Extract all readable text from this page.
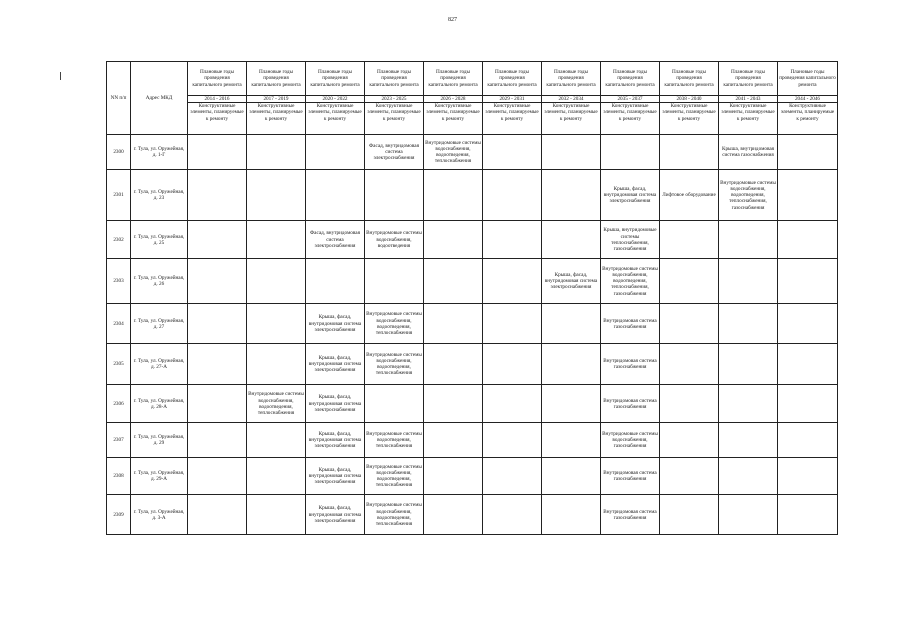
827
NN п/п	Адрес МКД	Плановые годы проведения капитального ремонта	Плановые годы проведения капитального ремонта	Плановые годы проведения капитального ремонта	Плановые годы проведения капитального ремонта	Плановые годы проведения капитального ремонта	Плановые годы проведения капитального ремонта	Плановые годы проведения капитального ремонта	Плановые годы проведения капитального ремонта	Плановые годы проведения капитального ремонта	Плановые годы проведения капитального ремонта	Плановые годы проведения капитального ремонта
		2014 - 2016	2017 - 2019	2020 - 2022	2023 - 2025	2026 - 2028	2029 - 2031	2032 - 2034	2035 - 2037	2038 - 2040	2041 - 2043	2044 - 2046
		Конструктивные элементы, планируемые к ремонту	Конструктивные элементы, планируемые к ремонту	Конструктивные элементы, планируемые к ремонту	Конструктивные элементы, планируемые к ремонту	Конструктивные элементы, планируемые к ремонту	Конструктивные элементы, планируемые к ремонту	Конструктивные элементы, планируемые к ремонту	Конструктивные элементы, планируемые к ремонту	Конструктивные элементы, планируемые к ремонту	Конструктивные элементы, планируемые к ремонту	Конструктивные элементы, планируемые к ремонту
2300	г. Тула, ул. Оружейная, д. 1-Г				Фасад, внутридомовая система электроснабжения	Внутридомовые системы водоснабжения, водоотведения, теплоснабжения					Крыша, внутридомовая система газоснабжения	
2301	г. Тула, ул. Оружейная, д. 23								Крыша, фасад, внутридомовая система электроснабжения	Лифтовое оборудование	Внутридомовые системы водоснабжения, водоотведения, теплоснабжения, газоснабжения	
2302	г. Тула, ул. Оружейная, д. 25			Фасад, внутридомовая система электроснабжения	Внутридомовые системы водоснабжения, водоотведения				Крыша, внутридомовые системы теплоснабжения, газоснабжения			
2303	г. Тула, ул. Оружейная, д. 26							Крыша, фасад, внутридомовая система электроснабжения	Внутридомовые системы водоснабжения, водоотведения, теплоснабжения, газоснабжения			
2304	г. Тула, ул. Оружейная, д. 27			Крыша, фасад, внутридомовая система электроснабжения	Внутридомовые системы водоснабжения, водоотведения, теплоснабжения				Внутридомовая система газоснабжения			
2305	г. Тула, ул. Оружейная, д. 27-А			Крыша, фасад, внутридомовая система электроснабжения	Внутридомовые системы водоснабжения, водоотведения, теплоснабжения				Внутридомовая система газоснабжения			
2306	г. Тула, ул. Оружейная, д. 28-А		Внутридомовые системы водоснабжения, водоотведения, теплоснабжения	Крыша, фасад, внутридомовая система электроснабжения					Внутридомовая система газоснабжения			
2307	г. Тула, ул. Оружейная, д. 29			Крыша, фасад, внутридомовая система электроснабжения	Внутридомовые системы водоотведения, теплоснабжения				Внутридомовые системы водоснабжения, газоснабжения			
2308	г. Тула, ул. Оружейная, д. 29-А			Крыша, фасад, внутридомовая система электроснабжения	Внутридомовые системы водоснабжения, водоотведения, теплоснабжения				Внутридомовая система газоснабжения			
2309	г. Тула, ул. Оружейная, д. 3-А			Крыша, фасад, внутридомовая система электроснабжения	Внутридомовые системы водоснабжения, водоотведения, теплоснабжения				Внутридомовая система газоснабжения			
